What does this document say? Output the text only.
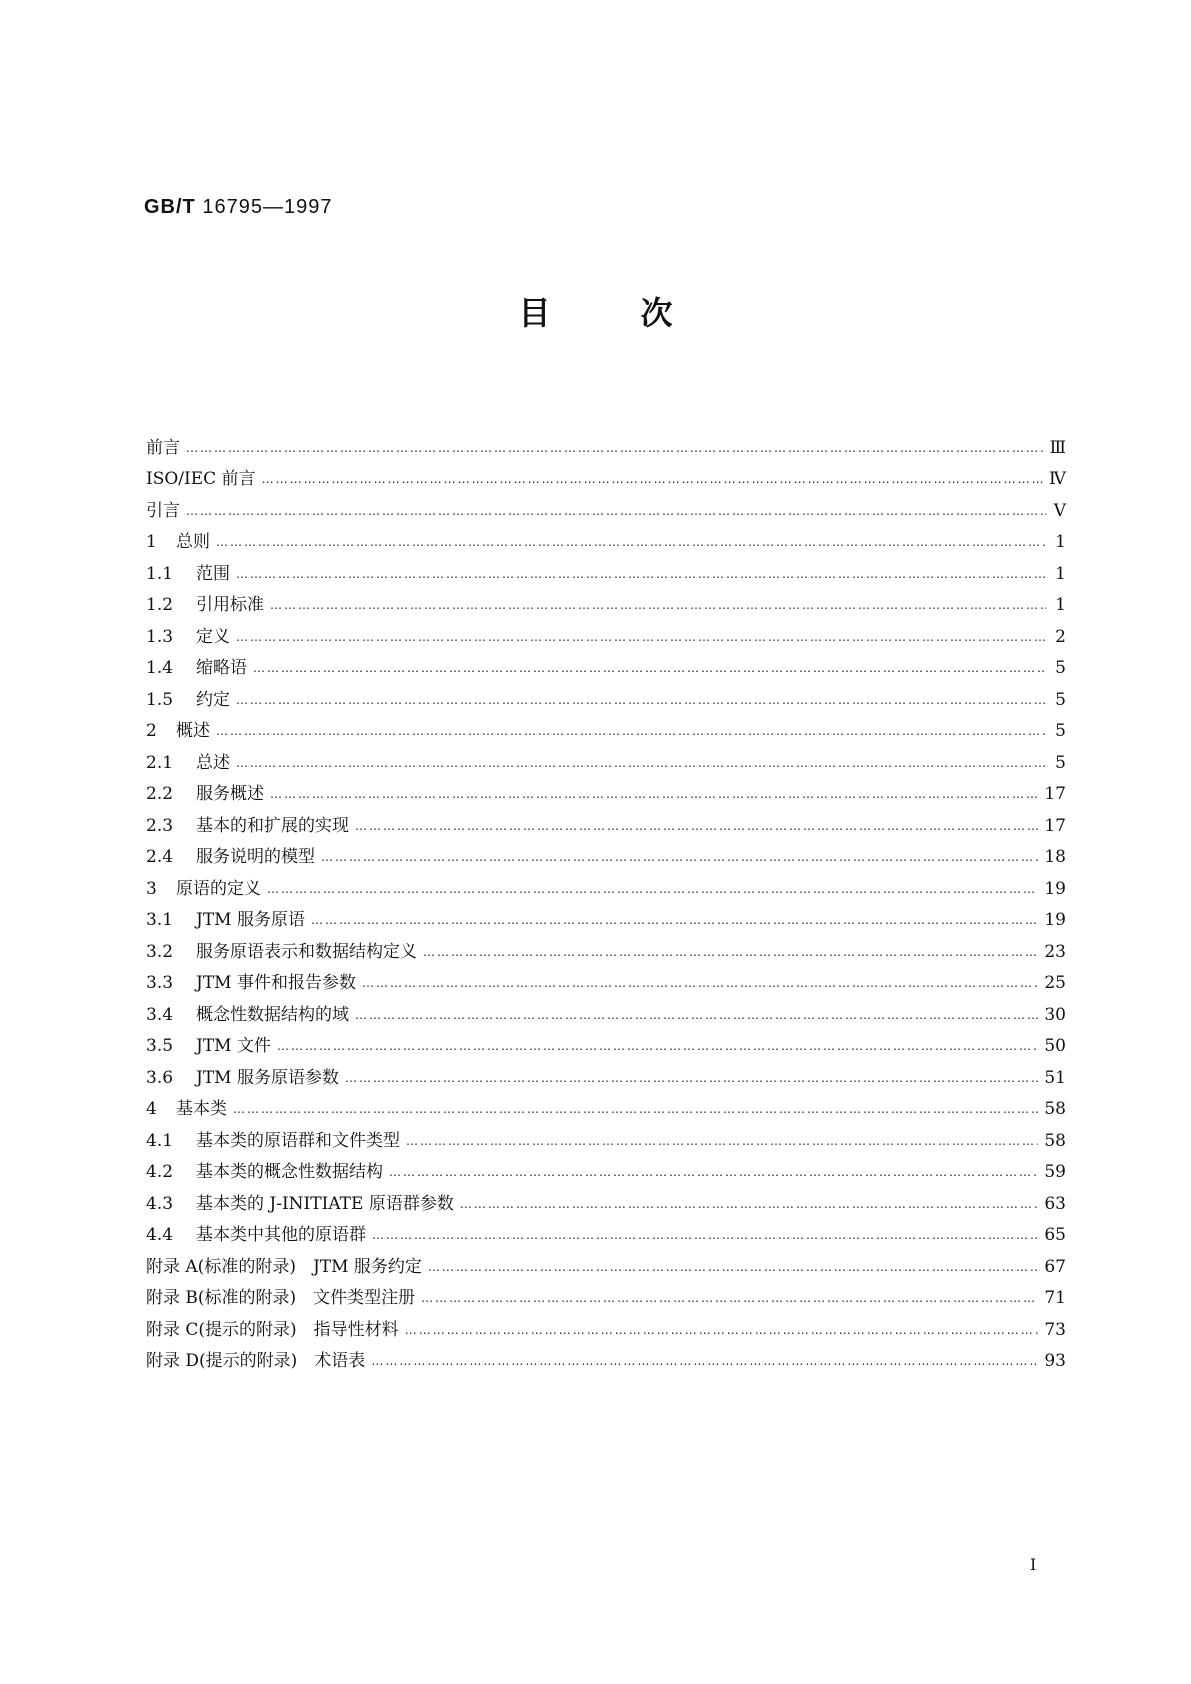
GB/T 16795—1997
目	次
前言 ……………………………………………………………………………………………………………………………………………………………………………………………………………………………………………………………	Ⅲ
ISO/IEC 前言 ……………………………………………………………………………………………………………………………………………………………………………………………………………………………………………………………	Ⅳ
引言 ……………………………………………………………………………………………………………………………………………………………………………………………………………………………………………………………	Ⅴ
1	总则 ……………………………………………………………………………………………………………………………………………………………………………………………………………………………………………………………	1
1.1	范围 ……………………………………………………………………………………………………………………………………………………………………………………………………………………………………………………………	1
1.2	引用标准 ……………………………………………………………………………………………………………………………………………………………………………………………………………………………………………………………	1
1.3	定义 ……………………………………………………………………………………………………………………………………………………………………………………………………………………………………………………………	2
1.4	缩略语 ……………………………………………………………………………………………………………………………………………………………………………………………………………………………………………………………	5
1.5	约定 ……………………………………………………………………………………………………………………………………………………………………………………………………………………………………………………………	5
2	概述 ……………………………………………………………………………………………………………………………………………………………………………………………………………………………………………………………	5
2.1	总述 ……………………………………………………………………………………………………………………………………………………………………………………………………………………………………………………………	5
2.2	服务概述 ……………………………………………………………………………………………………………………………………………………………………………………………………………………………………………………………	17
2.3	基本的和扩展的实现 ……………………………………………………………………………………………………………………………………………………………………………………………………………………………………………………………	17
2.4	服务说明的模型 ……………………………………………………………………………………………………………………………………………………………………………………………………………………………………………………………	18
3	原语的定义 ……………………………………………………………………………………………………………………………………………………………………………………………………………………………………………………………	19
3.1	JTM 服务原语 ……………………………………………………………………………………………………………………………………………………………………………………………………………………………………………………………	19
3.2	服务原语表示和数据结构定义 ……………………………………………………………………………………………………………………………………………………………………………………………………………………………………………………………	23
3.3	JTM 事件和报告参数 ……………………………………………………………………………………………………………………………………………………………………………………………………………………………………………………………	25
3.4	概念性数据结构的域 ……………………………………………………………………………………………………………………………………………………………………………………………………………………………………………………………	30
3.5	JTM 文件 ……………………………………………………………………………………………………………………………………………………………………………………………………………………………………………………………	50
3.6	JTM 服务原语参数 ……………………………………………………………………………………………………………………………………………………………………………………………………………………………………………………………	51
4	基本类 ……………………………………………………………………………………………………………………………………………………………………………………………………………………………………………………………	58
4.1	基本类的原语群和文件类型 ……………………………………………………………………………………………………………………………………………………………………………………………………………………………………………………………	58
4.2	基本类的概念性数据结构 ……………………………………………………………………………………………………………………………………………………………………………………………………………………………………………………………	59
4.3	基本类的 J-INITIATE 原语群参数 ……………………………………………………………………………………………………………………………………………………………………………………………………………………………………………………………	63
4.4	基本类中其他的原语群 ……………………………………………………………………………………………………………………………………………………………………………………………………………………………………………………………	65
附录 A(标准的附录)　JTM 服务约定 ……………………………………………………………………………………………………………………………………………………………………………………………………………………………………………………………	67
附录 B(标准的附录)　文件类型注册 ……………………………………………………………………………………………………………………………………………………………………………………………………………………………………………………………	71
附录 C(提示的附录)　指导性材料 ……………………………………………………………………………………………………………………………………………………………………………………………………………………………………………………………	73
附录 D(提示的附录)　术语表 ……………………………………………………………………………………………………………………………………………………………………………………………………………………………………………………………	93
I
